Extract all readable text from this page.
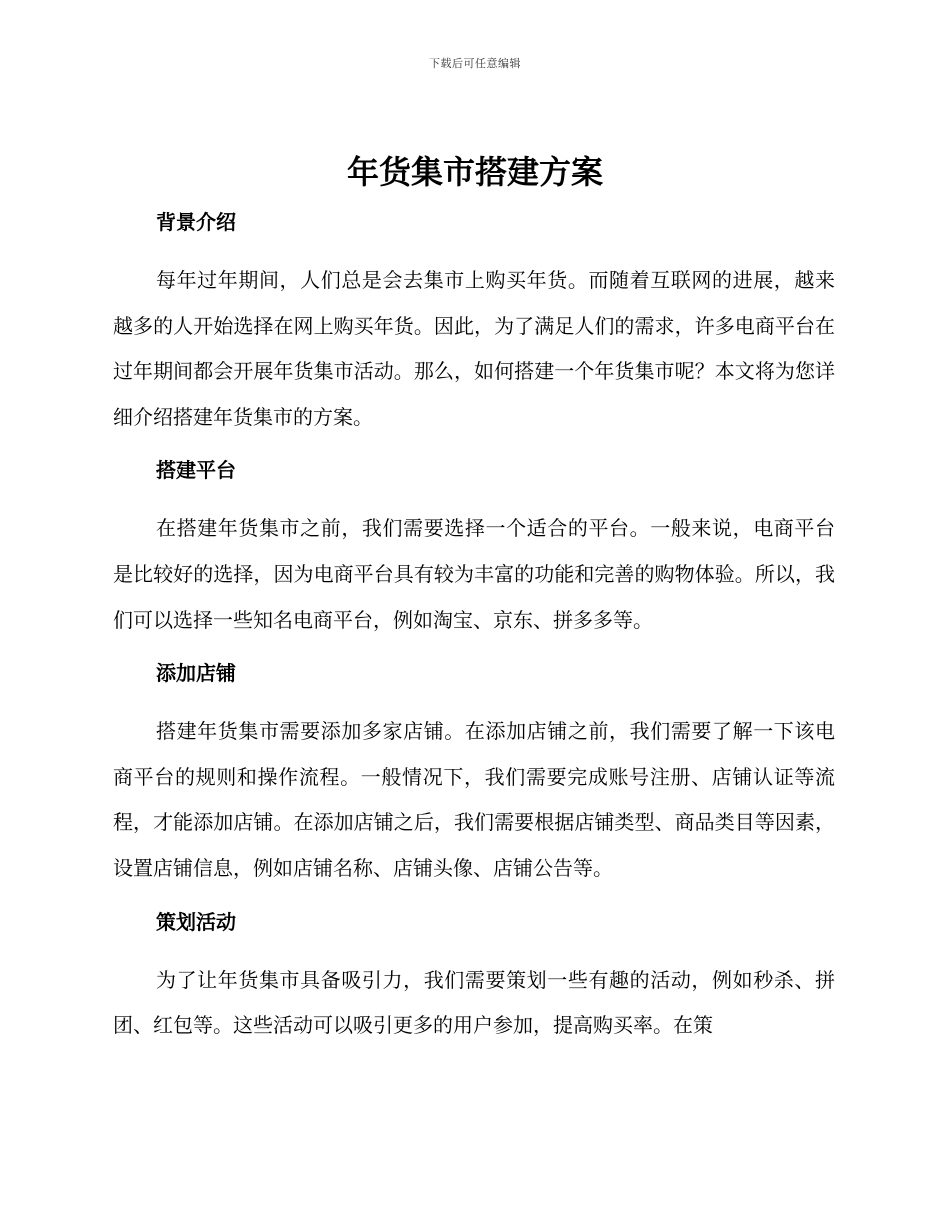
下载后可任意编辑
年货集市搭建方案
背景介绍

每年过年期间，人们总是会去集市上购买年货。而随着互联网的进展，越来越多的人开始选择在网上购买年货。因此，为了满足人们的需求，许多电商平台在过年期间都会开展年货集市活动。那么，如何搭建一个年货集市呢？本文将为您详细介绍搭建年货集市的方案。

搭建平台

在搭建年货集市之前，我们需要选择一个适合的平台。一般来说，电商平台是比较好的选择，因为电商平台具有较为丰富的功能和完善的购物体验。所以，我们可以选择一些知名电商平台，例如淘宝、京东、拼多多等。

添加店铺

搭建年货集市需要添加多家店铺。在添加店铺之前，我们需要了解一下该电商平台的规则和操作流程。一般情况下，我们需要完成账号注册、店铺认证等流程，才能添加店铺。在添加店铺之后，我们需要根据店铺类型、商品类目等因素，设置店铺信息，例如店铺名称、店铺头像、店铺公告等。

策划活动

为了让年货集市具备吸引力，我们需要策划一些有趣的活动，例如秒杀、拼团、红包等。这些活动可以吸引更多的用户参加，提高购买率。在策
